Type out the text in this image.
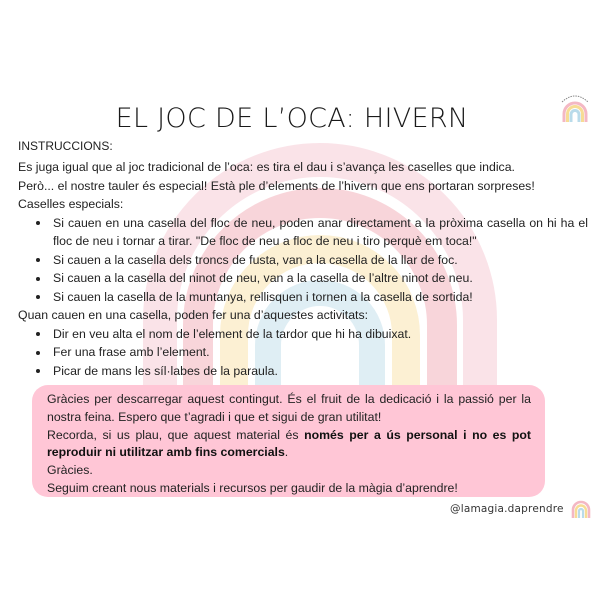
EL JOC DE L’OCA: HIVERN
INSTRUCCIONS:

Es juga igual que al joc tradicional de l’oca: es tira el dau i s’avança les caselles que indica.

Però... el nostre tauler és especial! Està ple d’elements de l’hivern que ens portaran sorpreses!

Caselles especials:

Si cauen en una casella del floc de neu, poden anar directament a la pròxima casella on hi ha el floc de neu i tornar a tirar. "De floc de neu a floc de neu i tiro perquè em toca!"
Si cauen a la casella dels troncs de fusta, van a la casella de la llar de foc.
Si cauen a la casella del ninot de neu, van a la casella de l’altre ninot de neu.
Si cauen la casella de la muntanya, rellisquen i tornen a la casella de sortida!

Quan cauen en una casella, poden fer una d’aquestes activitats:

Dir en veu alta el nom de l’element de la tardor que hi ha dibuixat.
Fer una frase amb l’element.
Picar de mans les síl·labes de la paraula.

Gràcies per descarregar aquest contingut. És el fruit de la dedicació i la passió per la nostra feina. Espero que t’agradi i que et sigui de gran utilitat!

Recorda, si us plau, que aquest material és només per a ús personal i no es pot reproduir ni utilitzar amb fins comercials.

Gràcies.

Seguim creant nous materials i recursos per gaudir de la màgia d’aprendre!

@lamagia.daprendre
